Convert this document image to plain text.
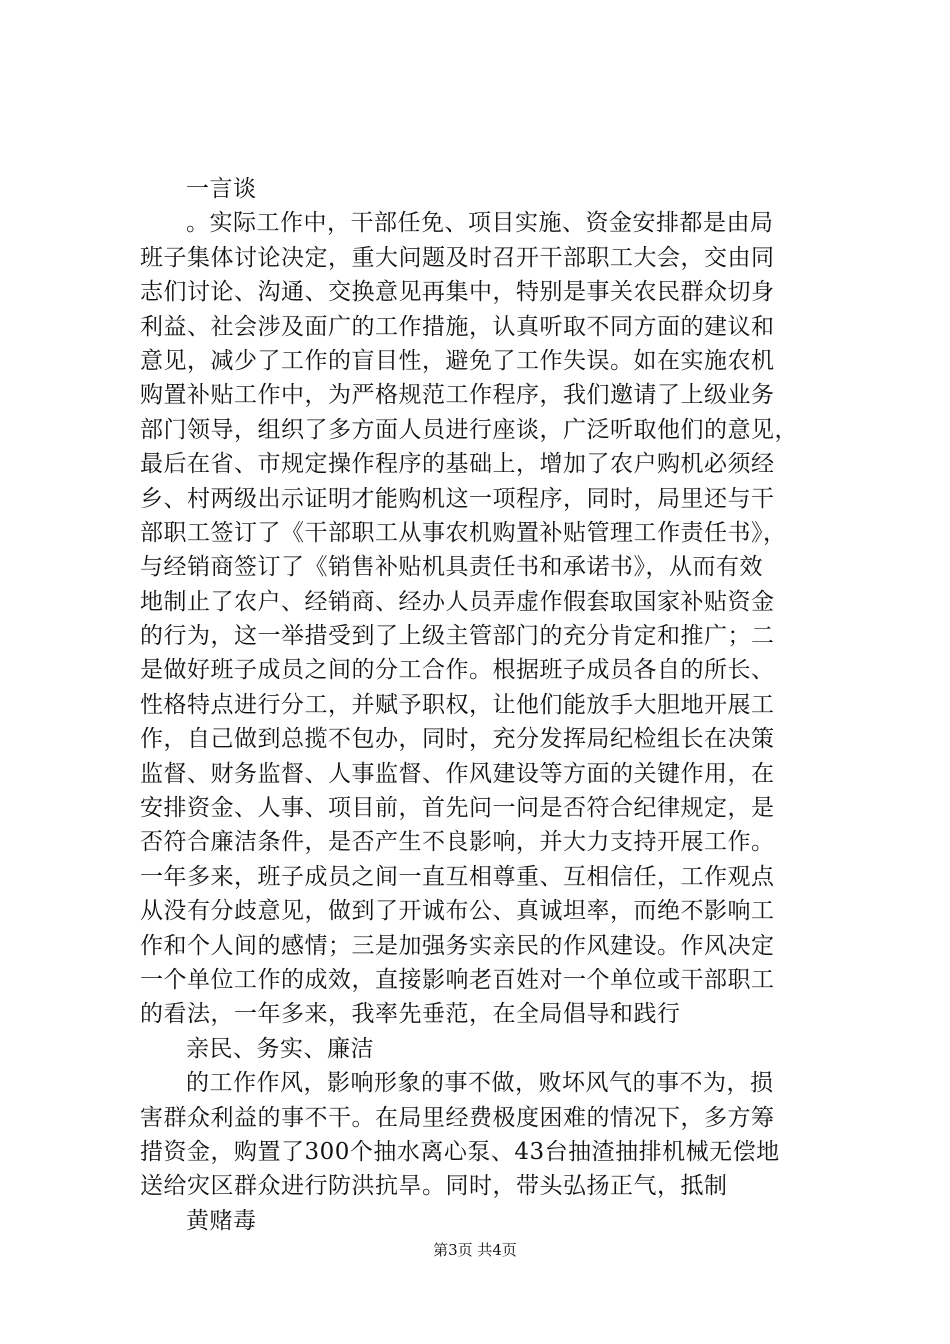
一言谈
。实际工作中，干部任免、项目实施、资金安排都是由局
班子集体讨论决定，重大问题及时召开干部职工大会，交由同
志们讨论、沟通、交换意见再集中，特别是事关农民群众切身
利益、社会涉及面广的工作措施，认真听取不同方面的建议和
意见，减少了工作的盲目性，避免了工作失误。如在实施农机
购置补贴工作中，为严格规范工作程序，我们邀请了上级业务
部门领导，组织了多方面人员进行座谈，广泛听取他们的意见，
最后在省、市规定操作程序的基础上，增加了农户购机必须经
乡、村两级出示证明才能购机这一项程序，同时，局里还与干
部职工签订了《干部职工从事农机购置补贴管理工作责任书》，
与经销商签订了《销售补贴机具责任书和承诺书》，从而有效
地制止了农户、经销商、经办人员弄虚作假套取国家补贴资金
的行为，这一举措受到了上级主管部门的充分肯定和推广；二
是做好班子成员之间的分工合作。根据班子成员各自的所长、
性格特点进行分工，并赋予职权，让他们能放手大胆地开展工
作，自己做到总揽不包办，同时，充分发挥局纪检组长在决策
监督、财务监督、人事监督、作风建设等方面的关键作用，在
安排资金、人事、项目前，首先问一问是否符合纪律规定，是
否符合廉洁条件，是否产生不良影响，并大力支持开展工作。
一年多来，班子成员之间一直互相尊重、互相信任，工作观点
从没有分歧意见，做到了开诚布公、真诚坦率，而绝不影响工
作和个人间的感情；三是加强务实亲民的作风建设。作风决定
一个单位工作的成效，直接影响老百姓对一个单位或干部职工
的看法，一年多来，我率先垂范，在全局倡导和践行
亲民、务实、廉洁
的工作作风，影响形象的事不做，败坏风气的事不为，损
害群众利益的事不干。在局里经费极度困难的情况下，多方筹
措资金，购置了300个抽水离心泵、43台抽渣抽排机械无偿地
送给灾区群众进行防洪抗旱。同时，带头弘扬正气，抵制
黄赌毒
第3页 共4页
